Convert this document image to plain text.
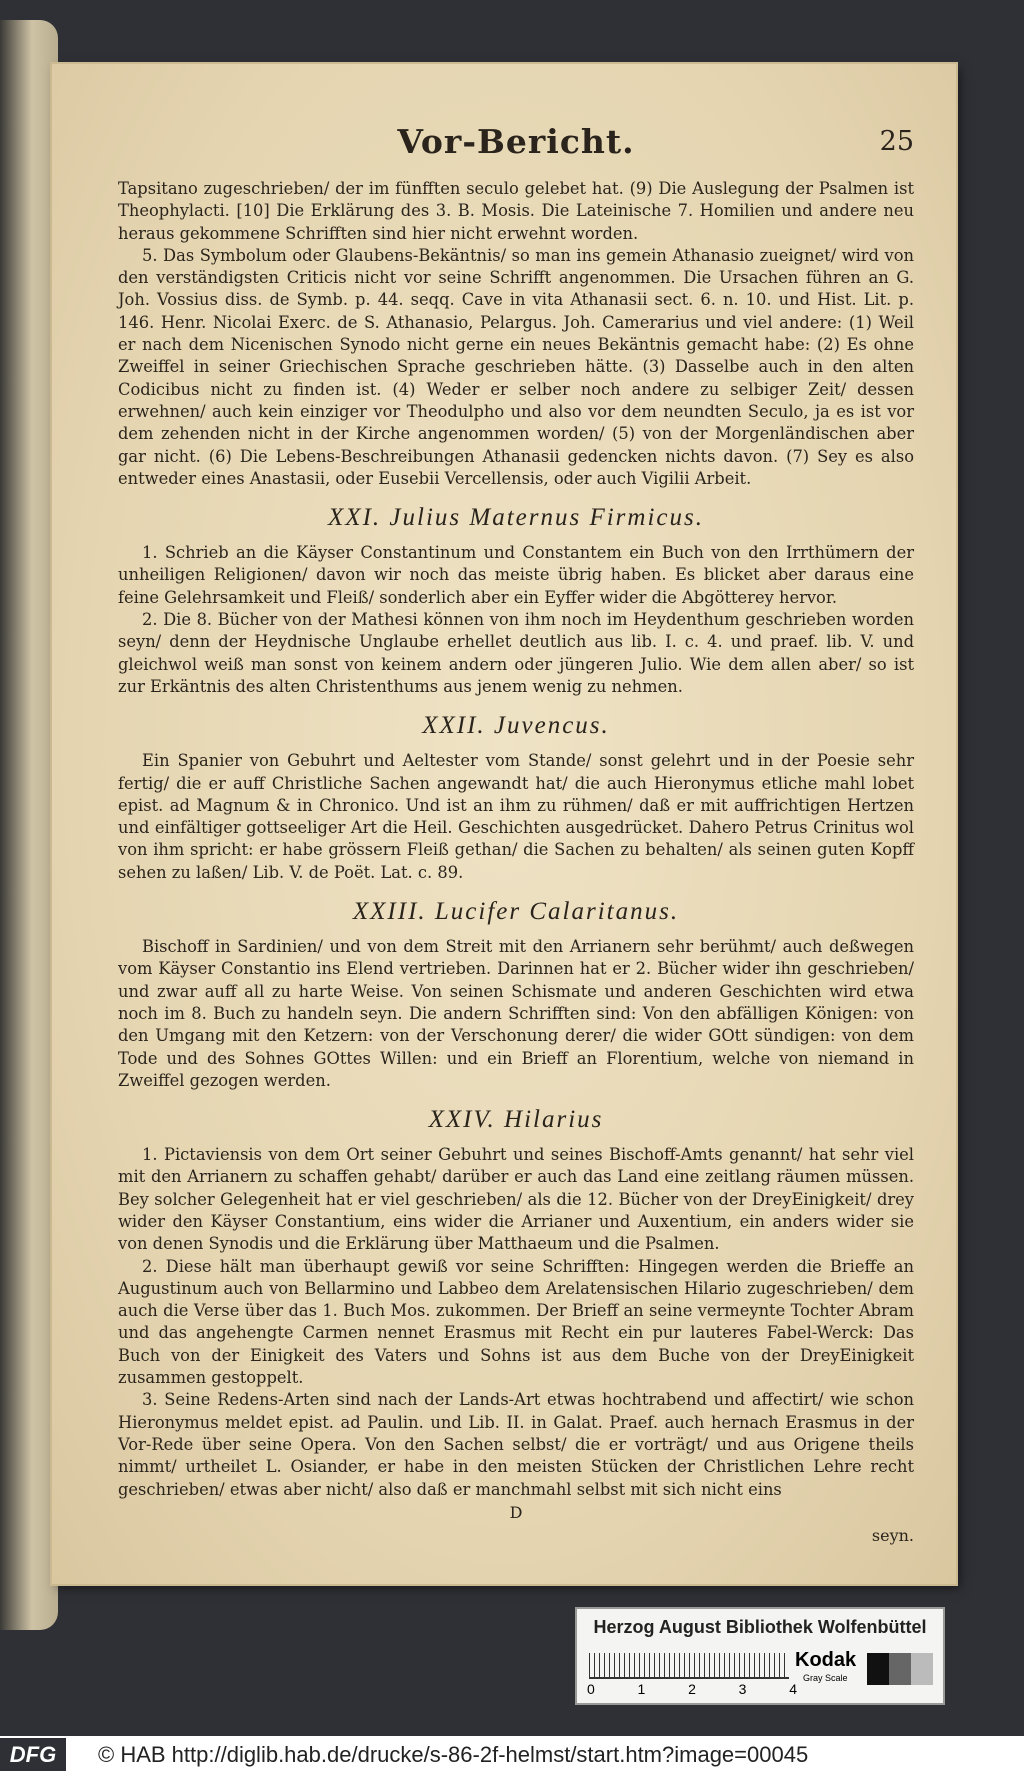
Vor-Bericht.	25

Tapsitano zugeschrieben/ der im fünfften seculo gelebet hat. (9) Die Auslegung der Psalmen ist Theophylacti. [10] Die Erklärung des 3. B. Mosis. Die Lateinische 7. Homilien und andere neu heraus gekommene Schrifften sind hier nicht erwehnt worden.

5. Das Symbolum oder Glaubens-Bekäntnis/ so man ins gemein Athanasio zueignet/ wird von den verständigsten Criticis nicht vor seine Schrifft angenommen. Die Ursachen führen an G. Joh. Vossius diss. de Symb. p. 44. seqq. Cave in vita Athanasii sect. 6. n. 10. und Hist. Lit. p. 146. Henr. Nicolai Exerc. de S. Athanasio, Pelargus. Joh. Camerarius und viel andere: (1) Weil er nach dem Nicenischen Synodo nicht gerne ein neues Bekäntnis gemacht habe: (2) Es ohne Zweiffel in seiner Griechischen Sprache geschrieben hätte. (3) Dasselbe auch in den alten Codicibus nicht zu finden ist. (4) Weder er selber noch andere zu selbiger Zeit/ dessen erwehnen/ auch kein einziger vor Theodulpho und also vor dem neundten Seculo, ja es ist vor dem zehenden nicht in der Kirche angenommen worden/ (5) von der Morgenländischen aber gar nicht. (6) Die Lebens-Beschreibungen Athanasii gedencken nichts davon. (7) Sey es also entweder eines Anastasii, oder Eusebii Vercellensis, oder auch Vigilii Arbeit.

XXI. Julius Maternus Firmicus.

1. Schrieb an die Käyser Constantinum und Constantem ein Buch von den Irrthümern der unheiligen Religionen/ davon wir noch das meiste übrig haben. Es blicket aber daraus eine feine Gelehrsamkeit und Fleiß/ sonderlich aber ein Eyffer wider die Abgötterey hervor.

2. Die 8. Bücher von der Mathesi können von ihm noch im Heydenthum geschrieben worden seyn/ denn der Heydnische Unglaube erhellet deutlich aus lib. I. c. 4. und praef. lib. V. und gleichwol weiß man sonst von keinem andern oder jüngeren Julio. Wie dem allen aber/ so ist zur Erkäntnis des alten Christenthums aus jenem wenig zu nehmen.

XXII. Juvencus.

Ein Spanier von Gebuhrt und Aeltester vom Stande/ sonst gelehrt und in der Poesie sehr fertig/ die er auff Christliche Sachen angewandt hat/ die auch Hieronymus etliche mahl lobet epist. ad Magnum & in Chronico. Und ist an ihm zu rühmen/ daß er mit auffrichtigen Hertzen und einfältiger gottseeliger Art die Heil. Geschichten ausgedrücket. Dahero Petrus Crinitus wol von ihm spricht: er habe grössern Fleiß gethan/ die Sachen zu behalten/ als seinen guten Kopff sehen zu laßen/ Lib. V. de Poët. Lat. c. 89.

XXIII. Lucifer Calaritanus.

Bischoff in Sardinien/ und von dem Streit mit den Arrianern sehr berühmt/ auch deßwegen vom Käyser Constantio ins Elend vertrieben. Darinnen hat er 2. Bücher wider ihn geschrieben/ und zwar auff all zu harte Weise. Von seinen Schismate und anderen Geschichten wird etwa noch im 8. Buch zu handeln seyn. Die andern Schrifften sind: Von den abfälligen Königen: von den Umgang mit den Ketzern: von der Verschonung derer/ die wider GOtt sündigen: von dem Tode und des Sohnes GOttes Willen: und ein Brieff an Florentium, welche von niemand in Zweiffel gezogen werden.

XXIV. Hilarius

1. Pictaviensis von dem Ort seiner Gebuhrt und seines Bischoff-Amts genannt/ hat sehr viel mit den Arrianern zu schaffen gehabt/ darüber er auch das Land eine zeitlang räumen müssen. Bey solcher Gelegenheit hat er viel geschrieben/ als die 12. Bücher von der DreyEinigkeit/ drey wider den Käyser Constantium, eins wider die Arrianer und Auxentium, ein anders wider sie von denen Synodis und die Erklärung über Matthaeum und die Psalmen.

2. Diese hält man überhaupt gewiß vor seine Schrifften: Hingegen werden die Brieffe an Augustinum auch von Bellarmino und Labbeo dem Arelatensischen Hilario zugeschrieben/ dem auch die Verse über das 1. Buch Mos. zukommen. Der Brieff an seine vermeynte Tochter Abram und das angehengte Carmen nennet Erasmus mit Recht ein pur lauteres Fabel-Werck: Das Buch von der Einigkeit des Vaters und Sohns ist aus dem Buche von der DreyEinigkeit zusammen gestoppelt.

3. Seine Redens-Arten sind nach der Lands-Art etwas hochtrabend und affectirt/ wie schon Hieronymus meldet epist. ad Paulin. und Lib. II. in Galat. Praef. auch hernach Erasmus in der Vor-Rede über seine Opera. Von den Sachen selbst/ die er vorträgt/ und aus Origene theils nimmt/ urtheilet L. Osiander, er habe in den meisten Stücken der Christlichen Lehre recht geschrieben/ etwas aber nicht/ also daß er manchmahl selbst mit sich nicht eins

D
seyn.
Herzog August Bibliothek Wolfenbüttel
0	1	2	3	4
Kodak
Gray Scale
DFG	© HAB http://diglib.hab.de/drucke/s-86-2f-helmst/start.htm?image=00045
